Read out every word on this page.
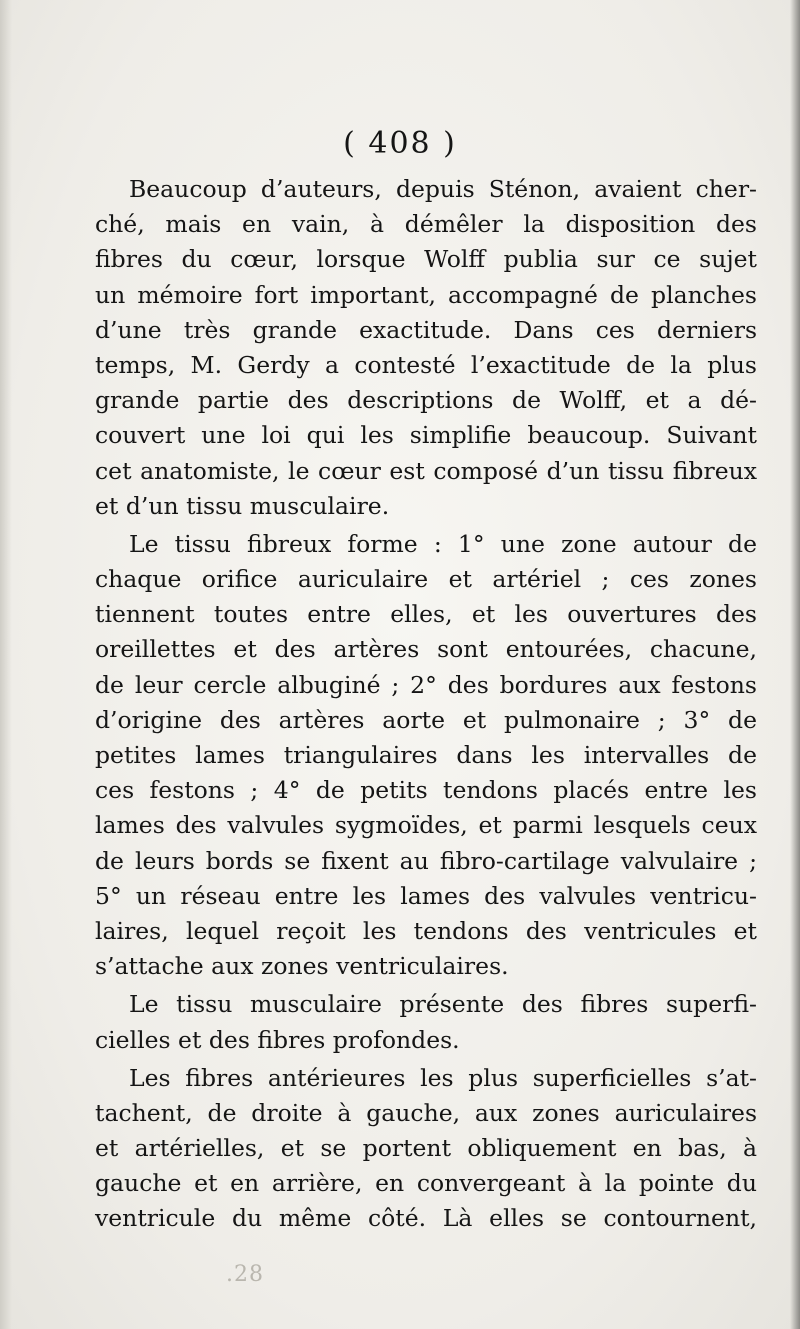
( 408 )
Beaucoup d’auteurs, depuis Sténon, avaient cher-
ché, mais en vain, à démêler la disposition des
fibres du cœur, lorsque Wolff publia sur ce sujet
un mémoire fort important, accompagné de planches
d’une très grande exactitude. Dans ces derniers
temps, M. Gerdy a contesté l’exactitude de la plus
grande partie des descriptions de Wolff, et a dé-
couvert une loi qui les simplifie beaucoup. Suivant
cet anatomiste, le cœur est composé d’un tissu fibreux
et d’un tissu musculaire.
Le tissu fibreux forme : 1° une zone autour de
chaque orifice auriculaire et artériel ; ces zones
tiennent toutes entre elles, et les ouvertures des
oreillettes et des artères sont entourées, chacune,
de leur cercle albuginé ; 2° des bordures aux festons
d’origine des artères aorte et pulmonaire ; 3° de
petites lames triangulaires dans les intervalles de
ces festons ; 4° de petits tendons placés entre les
lames des valvules sygmoïdes, et parmi lesquels ceux
de leurs bords se fixent au fibro-cartilage valvulaire ;
5° un réseau entre les lames des valvules ventricu-
laires, lequel reçoit les tendons des ventricules et
s’attache aux zones ventriculaires.
Le tissu musculaire présente des fibres superfi-
cielles et des fibres profondes.
Les fibres antérieures les plus superficielles s’at-
tachent, de droite à gauche, aux zones auriculaires
et artérielles, et se portent obliquement en bas, à
gauche et en arrière, en convergeant à la pointe du
ventricule du même côté. Là elles se contournent,
.28
